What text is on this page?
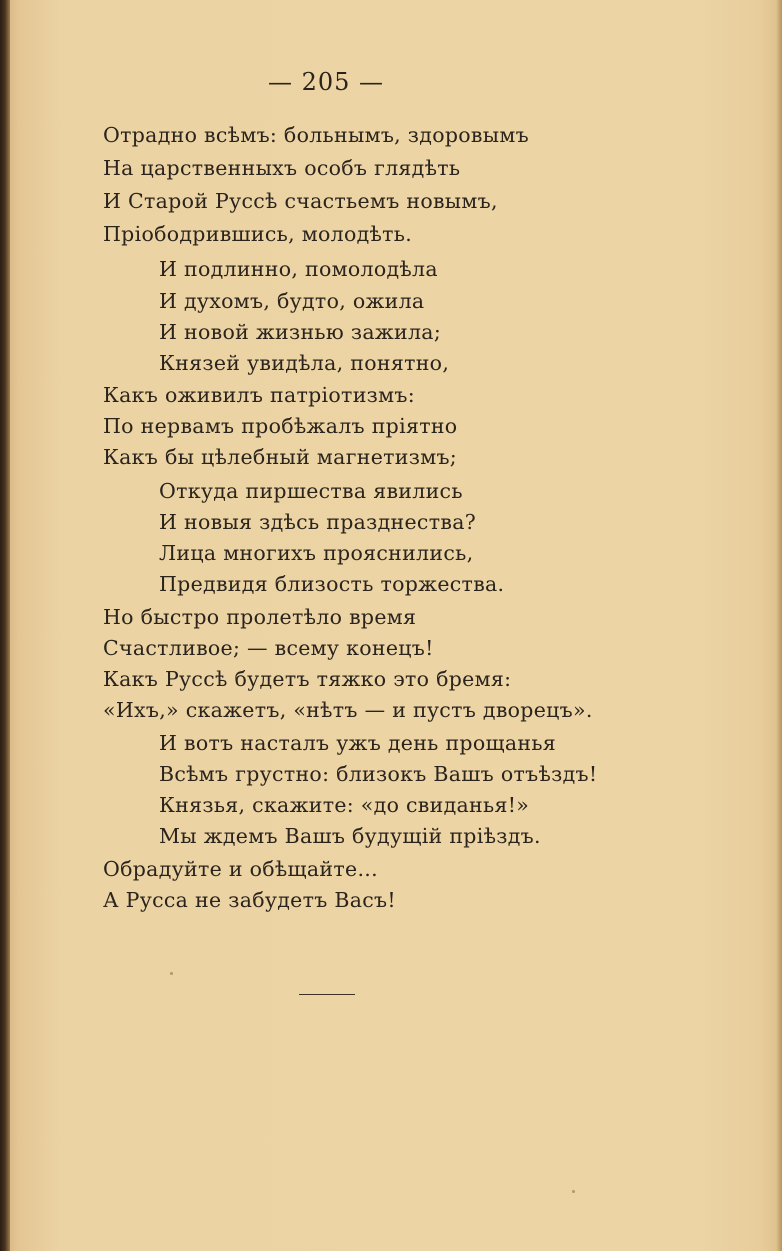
— 205 —
Отрадно всѣмъ: больнымъ, здоровымъ
На царственныхъ особъ глядѣть
И Старой Руссѣ счастьемъ новымъ,
Пріободрившись, молодѣть.
И подлинно, помолодѣла
И духомъ, будто, ожила
И новой жизнью зажила;
Князей увидѣла, понятно,
Какъ оживилъ патріотизмъ:
По нервамъ пробѣжалъ пріятно
Какъ бы цѣлебный магнетизмъ;
Откуда пиршества явились
И новыя здѣсь празднества?
Лица многихъ прояснились,
Предвидя близость торжества.
Но быстро пролетѣло время
Счастливое; — всему конецъ!
Какъ Руссѣ будетъ тяжко это бремя:
«Ихъ,» скажетъ, «нѣтъ — и пустъ дворецъ».
И вотъ насталъ ужъ день прощанья
Всѣмъ грустно: близокъ Вашъ отъѣздъ!
Князья, скажите: «до свиданья!»
Мы ждемъ Вашъ будущій пріѣздъ.
Обрадуйте и обѣщайте...
А Русса не забудетъ Васъ!
